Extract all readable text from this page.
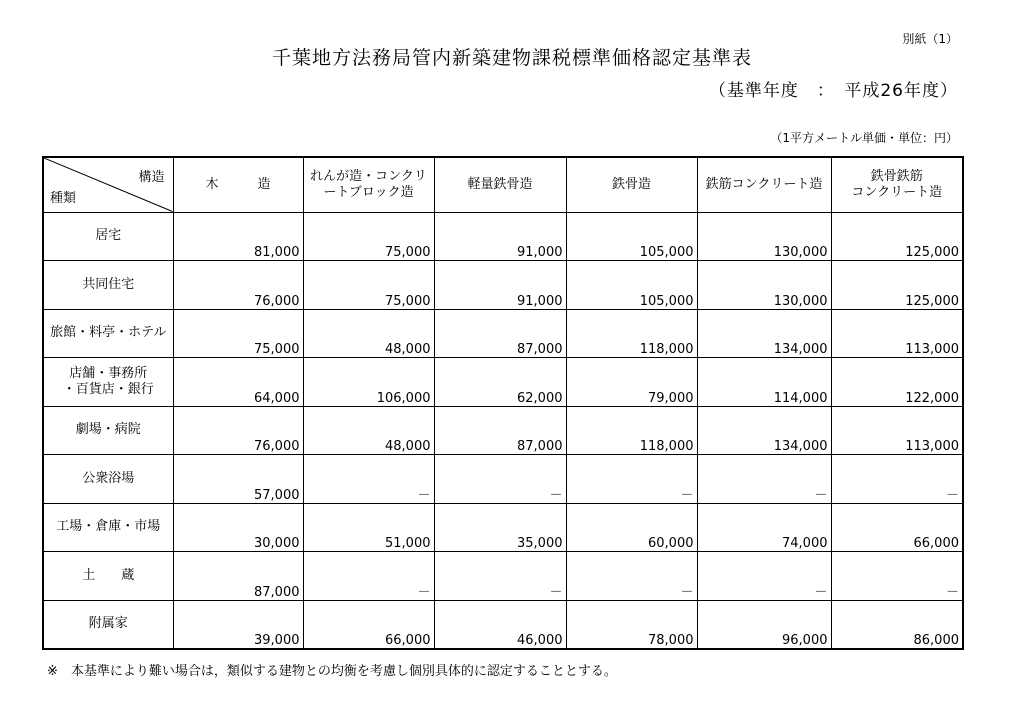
別紙（1）
千葉地方法務局管内新築建物課税標準価格認定基準表
（基準年度　：　平成26年度）
（1平方メートル単価・単位：円）
構造
種類	木　　　造	れんが造・コンクリートブロック造	軽量鉄骨造	鉄骨造	鉄筋コンクリート造	鉄骨鉄筋
コンクリート造
居宅	81,000	75,000	91,000	105,000	130,000	125,000
共同住宅	76,000	75,000	91,000	105,000	130,000	125,000
旅館・料亭・ホテル	75,000	48,000	87,000	118,000	134,000	113,000
店舗・事務所
・百貨店・銀行	64,000	106,000	62,000	79,000	114,000	122,000
劇場・病院	76,000	48,000	87,000	118,000	134,000	113,000
公衆浴場	57,000	－	－	－	－	－
工場・倉庫・市場	30,000	51,000	35,000	60,000	74,000	66,000
土　　蔵	87,000	－	－	－	－	－
附属家	39,000	66,000	46,000	78,000	96,000	86,000
※　本基準により難い場合は，類似する建物との均衡を考慮し個別具体的に認定することとする。
